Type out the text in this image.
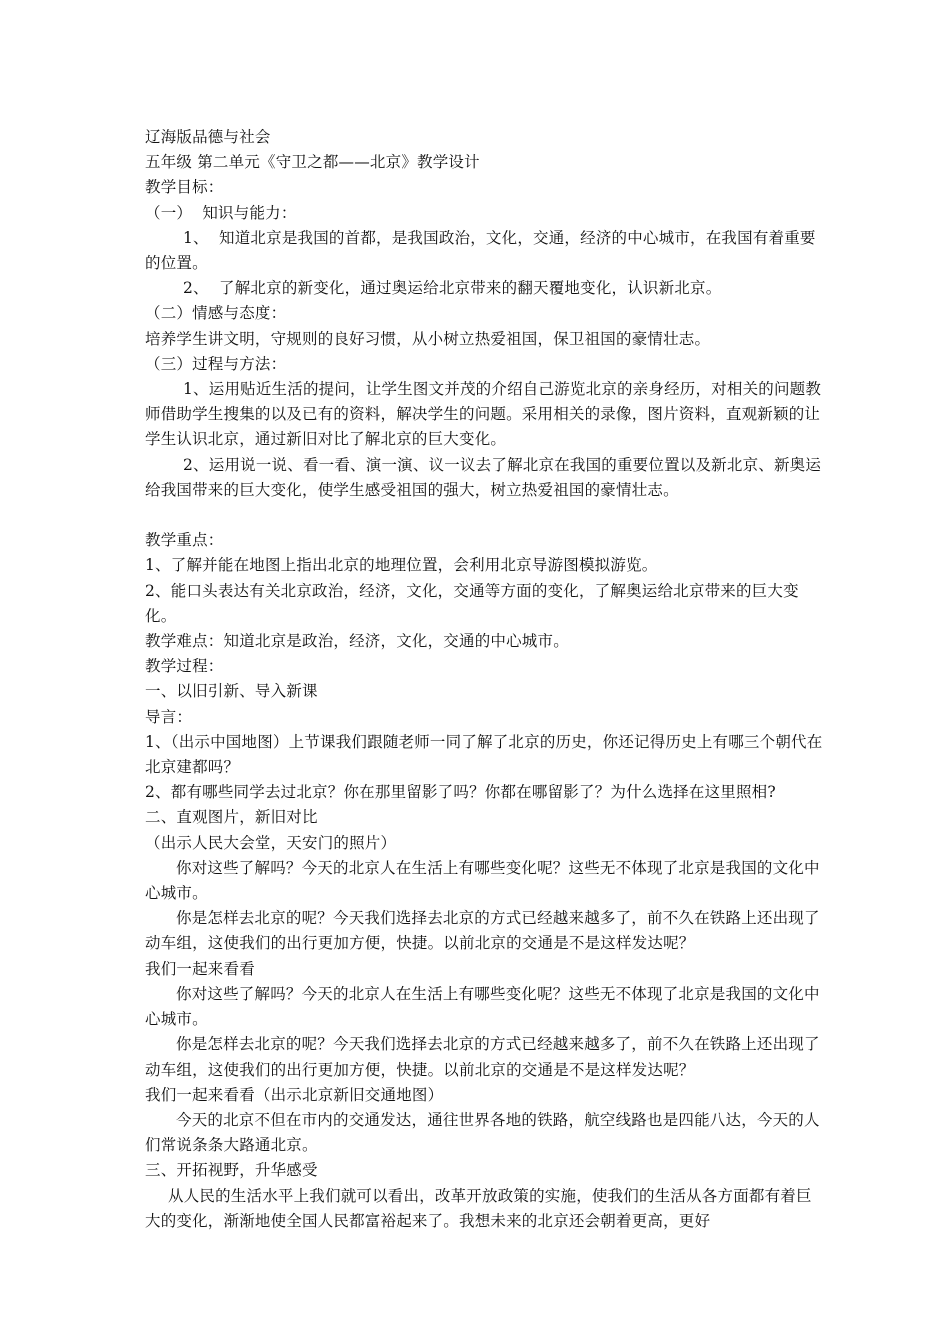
辽海版品德与社会

五年级 第二单元《守卫之都——北京》教学设计

教学目标：

（一）  知识与能力：

1、  知道北京是我国的首都，是我国政治，文化，交通，经济的中心城市，在我国有着重要的位置。

2、  了解北京的新变化，通过奥运给北京带来的翻天覆地变化，认识新北京。

（二）情感与态度：

培养学生讲文明，守规则的良好习惯，从小树立热爱祖国，保卫祖国的豪情壮志。

（三）过程与方法：

1、运用贴近生活的提问，让学生图文并茂的介绍自己游览北京的亲身经历，对相关的问题教师借助学生搜集的以及已有的资料，解决学生的问题。采用相关的录像，图片资料，直观新颖的让学生认识北京，通过新旧对比了解北京的巨大变化。

2、运用说一说、看一看、演一演、议一议去了解北京在我国的重要位置以及新北京、新奥运给我国带来的巨大变化，使学生感受祖国的强大，树立热爱祖国的豪情壮志。

教学重点：

1、了解并能在地图上指出北京的地理位置，会利用北京导游图模拟游览。

2、能口头表达有关北京政治，经济，文化，交通等方面的变化，了解奥运给北京带来的巨大变化。

教学难点：知道北京是政治，经济，文化，交通的中心城市。

教学过程：

一、以旧引新、导入新课

导言：

1、（出示中国地图）上节课我们跟随老师一同了解了北京的历史，你还记得历史上有哪三个朝代在北京建都吗？

2、都有哪些同学去过北京？你在那里留影了吗？你都在哪留影了？为什么选择在这里照相?

二、直观图片，新旧对比

（出示人民大会堂，天安门的照片）

你对这些了解吗？今天的北京人在生活上有哪些变化呢？这些无不体现了北京是我国的文化中心城市。

你是怎样去北京的呢？今天我们选择去北京的方式已经越来越多了，前不久在铁路上还出现了动车组，这使我们的出行更加方便，快捷。以前北京的交通是不是这样发达呢？

我们一起来看看

你对这些了解吗？今天的北京人在生活上有哪些变化呢？这些无不体现了北京是我国的文化中心城市。

你是怎样去北京的呢？今天我们选择去北京的方式已经越来越多了，前不久在铁路上还出现了动车组，这使我们的出行更加方便，快捷。以前北京的交通是不是这样发达呢？

我们一起来看看（出示北京新旧交通地图）

今天的北京不但在市内的交通发达，通往世界各地的铁路，航空线路也是四能八达，今天的人们常说条条大路通北京。

三、开拓视野，升华感受

从人民的生活水平上我们就可以看出，改革开放政策的实施，使我们的生活从各方面都有着巨大的变化，渐渐地使全国人民都富裕起来了。我想未来的北京还会朝着更高，更好
